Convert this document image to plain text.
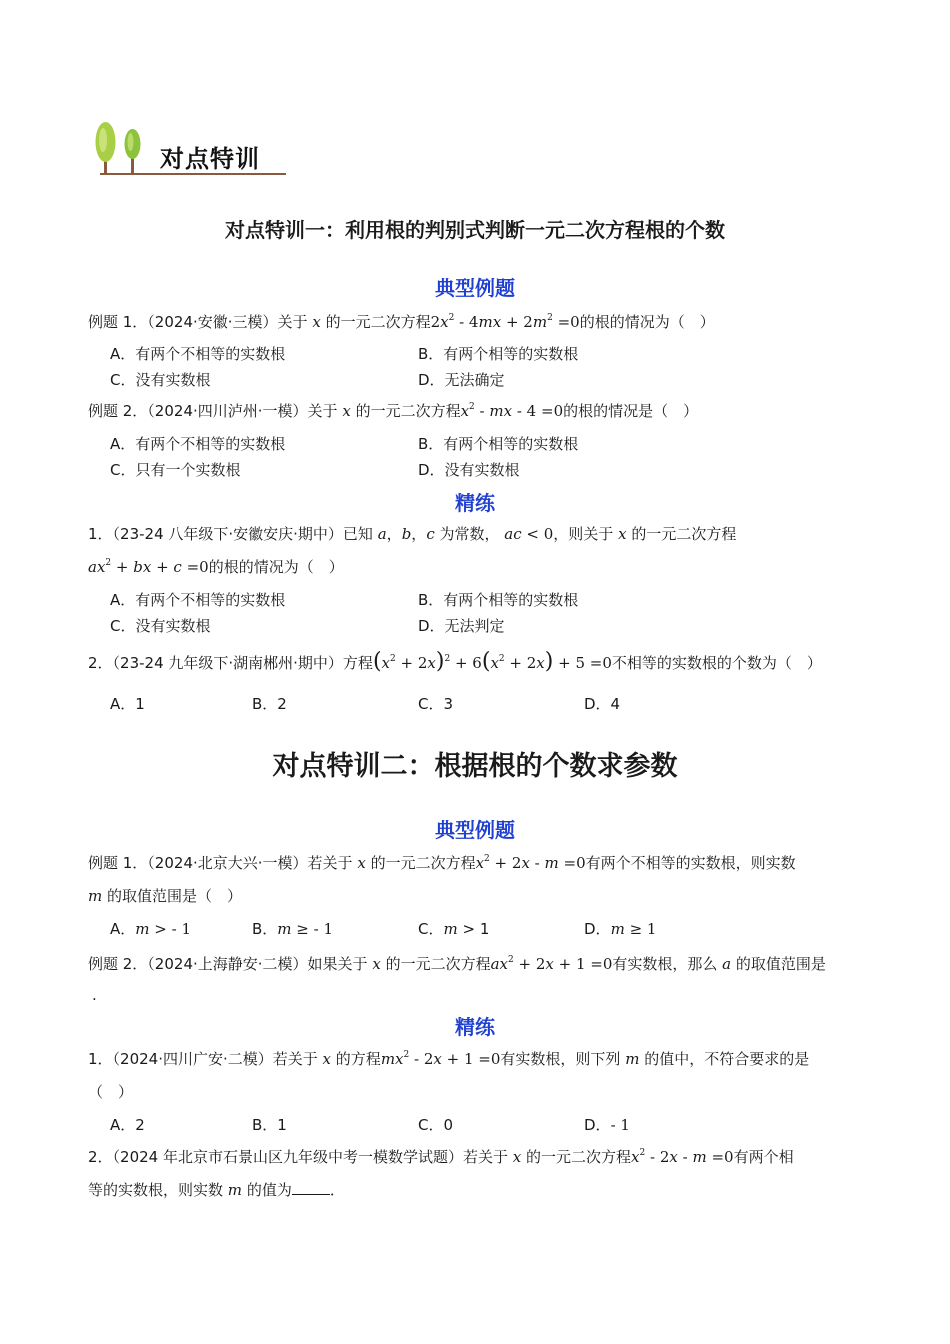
对点特训
对点特训一：利用根的判别式判断一元二次方程根的个数
典型例题
例题 1．（2024·安徽·三模）关于 x 的一元二次方程$2x^2 - 4mx + 2m^2 =0$的根的情况为（　）
A．有两个不相等的实数根	B．有两个相等的实数根
C．没有实数根	D．无法确定
例题 2．（2024·四川泸州·一模）关于 x 的一元二次方程$x^2$ - mx - 4 =0的根的情况是（　）
A．有两个不相等的实数根	B．有两个相等的实数根
C．只有一个实数根	D．没有实数根
精练
1．（23-24 八年级下·安徽安庆·期中）已知 a，b，c 为常数， ac < 0，则关于 x 的一元二次方程
$ax^2$ + bx + c =0的根的情况为（　）
A．有两个不相等的实数根	B．有两个相等的实数根
C．没有实数根	D．无法判定
2．（23-24 九年级下·湖南郴州·期中）方程$(x^2 + 2x)^2 + 6(x^2 + 2x) + 5 =0$不相等的实数根的个数为（　）
A．1	B．2	C．3	D．4
对点特训二：根据根的个数求参数
典型例题
例题 1．（2024·北京大兴·一模）若关于 x 的一元二次方程$x^2 + 2x - m =0$有两个不相等的实数根，则实数
m 的取值范围是（　）
A．m > - 1	B．m ≥ - 1	C．m > 1	D．m ≥ 1
例题 2．（2024·上海静安·二模）如果关于 x 的一元二次方程$ax^2 + 2x + 1 =0$有实数根，那么 a 的取值范围是
.
精练
1．（2024·四川广安·二模）若关于 x 的方程$mx^2 - 2x + 1 =0$有实数根，则下列 m 的值中，不符合要求的是
（　）
A．2	B．1	C．0	D．- 1
2．（2024 年北京市石景山区九年级中考一模数学试题）若关于 x 的一元二次方程$x^2 - 2x - m =0$有两个相
等的实数根，则实数 m 的值为	．
